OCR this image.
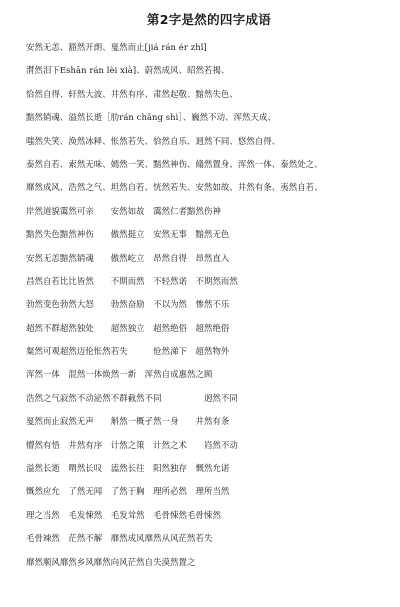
第2字是然的四字成语
安然无恙、豁然开朗、戛然而止[jiá rán ér zhǐ]
潸然泪下Eshān rán lèi xià]、蔚然成风、昭然若揭、
恰然自得、轩然大波、井然有序、肃然起敬、黯然失色、
黯然销魂、溢然长逝［肋rán chǎng shì］、巍然不动、浑然天成、
嗤然失笑、涣然冰释、怅然若失、恰然自乐、迥然不同、悠然自得、
泰然自若、索然无味、嫣然一笑、黯然神伤、翛然置身、浑然一体、泰然处之、
靡然成风、浩然之气、坦然自若、恍然若失、安然如故、井然有条、夷然自若、
岸然道貌霭然可亲　　安然如故　霭然仁者黯然伤神
黯然失色黯然神伤　　傲然挺立　安然无事　黯然无色
安然无恙黯然销魂　　傲然屹立　昂然自得　昂然直入
昌然自若比比皆然　　不期而然　不轻然诺　不期然而然
勃然变色勃然大怒　　勃然奋励　不以为然　惨然不乐
超然不群超然独处　　超然独立　超然绝俗　超然绝俗
粲然可观超然迈伦怅然若失　　　怆然涕下　超然物外
浑然一体　混然一体焕然一新　浑然自成惠然之顾
浩然之气寂然不动泌然不群截然不同　　　　　迥然不同
戛然而止寂然无声　　斛然一概孑然一身　　井然有条
懵然有悟　井然有序　计然之策　计然之术　　岿然不动
溢然长逝　喟然长叹　溘然长往　阳然独存　慨然允诺
慨然应允　了然无闻　了然于胸　理所必然　理所当然
理之当然　毛发悚然　毛发耸然　毛骨悚然毛骨悚然
毛骨竦然　茫然不解　靡然成风靡然从风茫然若失
靡然顺风靡然乡风靡然向风茫然自失漠然置之
